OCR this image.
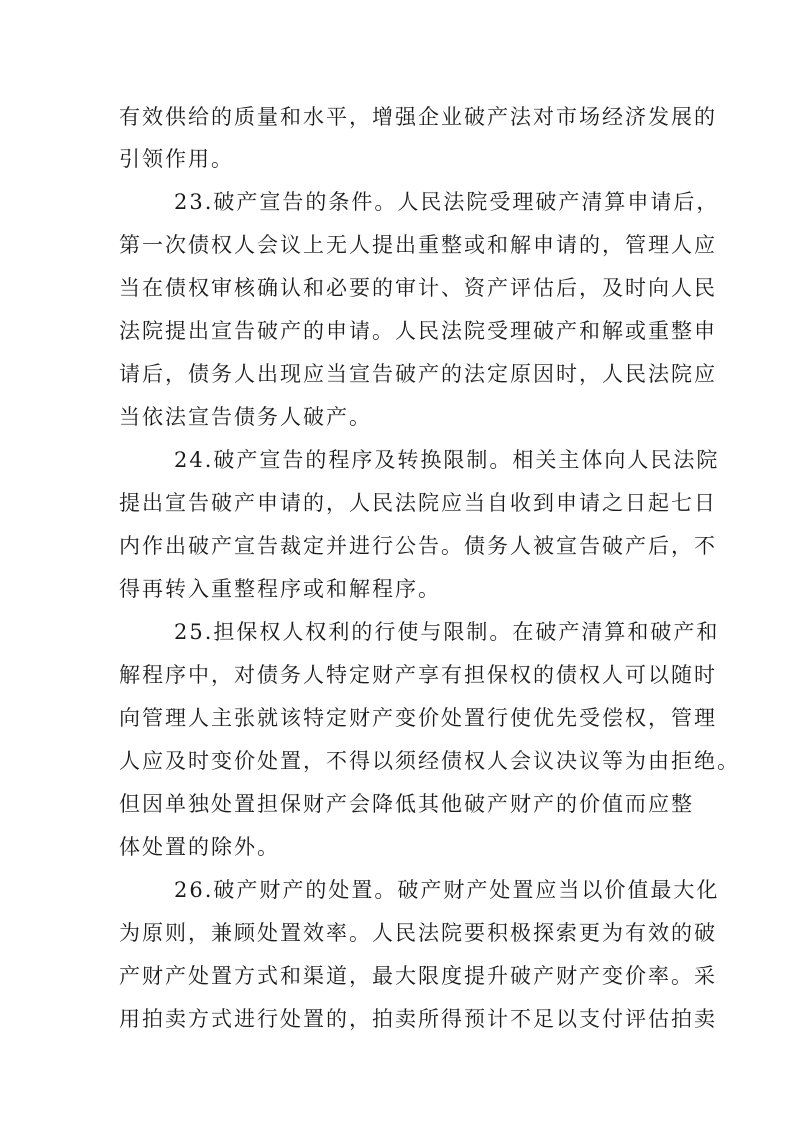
有效供给的质量和水平，增强企业破产法对市场经济发展的
引领作用。
23.破产宣告的条件。人民法院受理破产清算申请后，
第一次债权人会议上无人提出重整或和解申请的，管理人应
当在债权审核确认和必要的审计、资产评估后，及时向人民
法院提出宣告破产的申请。人民法院受理破产和解或重整申
请后，债务人出现应当宣告破产的法定原因时，人民法院应
当依法宣告债务人破产。
24.破产宣告的程序及转换限制。相关主体向人民法院
提出宣告破产申请的，人民法院应当自收到申请之日起七日
内作出破产宣告裁定并进行公告。债务人被宣告破产后，不
得再转入重整程序或和解程序。
25.担保权人权利的行使与限制。在破产清算和破产和
解程序中，对债务人特定财产享有担保权的债权人可以随时
向管理人主张就该特定财产变价处置行使优先受偿权，管理
人应及时变价处置，不得以须经债权人会议决议等为由拒绝。
但因单独处置担保财产会降低其他破产财产的价值而应整
体处置的除外。
26.破产财产的处置。破产财产处置应当以价值最大化
为原则，兼顾处置效率。人民法院要积极探索更为有效的破
产财产处置方式和渠道，最大限度提升破产财产变价率。采
用拍卖方式进行处置的，拍卖所得预计不足以支付评估拍卖
